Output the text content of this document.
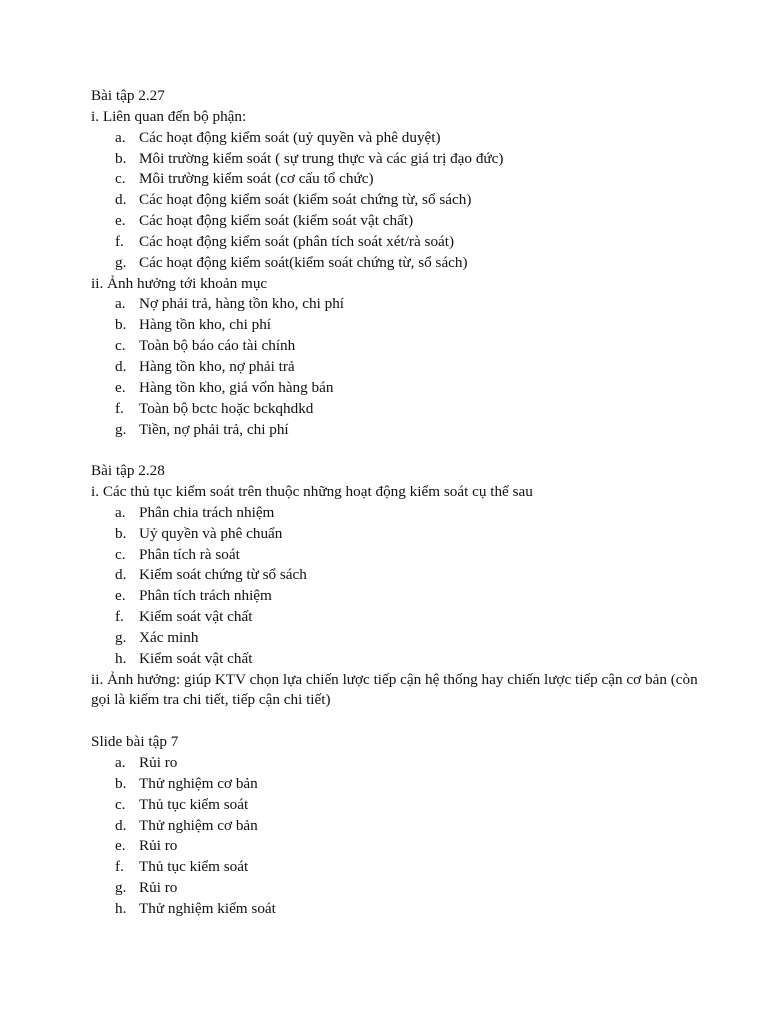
Bài tập 2.27

i. Liên quan đến bộ phận:

a. Các hoạt động kiểm soát (uỷ quyền và phê duyệt)

b. Môi trường kiểm soát ( sự trung thực và các giá trị đạo đức)

c. Môi trường kiểm soát (cơ cấu tổ chức)

d. Các hoạt động kiểm soát (kiểm soát chứng từ, sổ sách)

e. Các hoạt động kiểm soát (kiểm soát vật chất)

f. Các hoạt động kiểm soát (phân tích soát xét/rà soát)

g. Các hoạt động kiểm soát(kiểm soát chứng từ, sổ sách)

ii. Ảnh hưởng tới khoản mục

a. Nợ phải trả, hàng tồn kho, chi phí

b. Hàng tồn kho, chi phí

c. Toàn bộ báo cáo tài chính

d. Hàng tồn kho, nợ phải trả

e. Hàng tồn kho, giá vốn hàng bán

f. Toàn bộ bctc hoặc bckqhdkd

g. Tiền, nợ phải trả, chi phí

Bài tập 2.28

i. Các thủ tục kiểm soát trên thuộc những hoạt động kiểm soát cụ thể sau

a. Phân chia trách nhiệm

b. Uỷ quyền và phê chuẩn

c. Phân tích rà soát

d. Kiểm soát chứng từ sổ sách

e. Phân tích trách nhiệm

f. Kiểm soát vật chất

g. Xác minh

h. Kiểm soát vật chất

ii. Ảnh hưởng: giúp KTV chọn lựa chiến lược tiếp cận hệ thống hay chiến lược tiếp cận cơ bản (còn gọi là kiểm tra chi tiết, tiếp cận chi tiết)

Slide bài tập 7

a. Rủi ro

b. Thử nghiệm cơ bản

c. Thủ tục kiểm soát

d. Thử nghiệm cơ bản

e. Rủi ro

f. Thủ tục kiểm soát

g. Rủi ro

h. Thử nghiệm kiểm soát
